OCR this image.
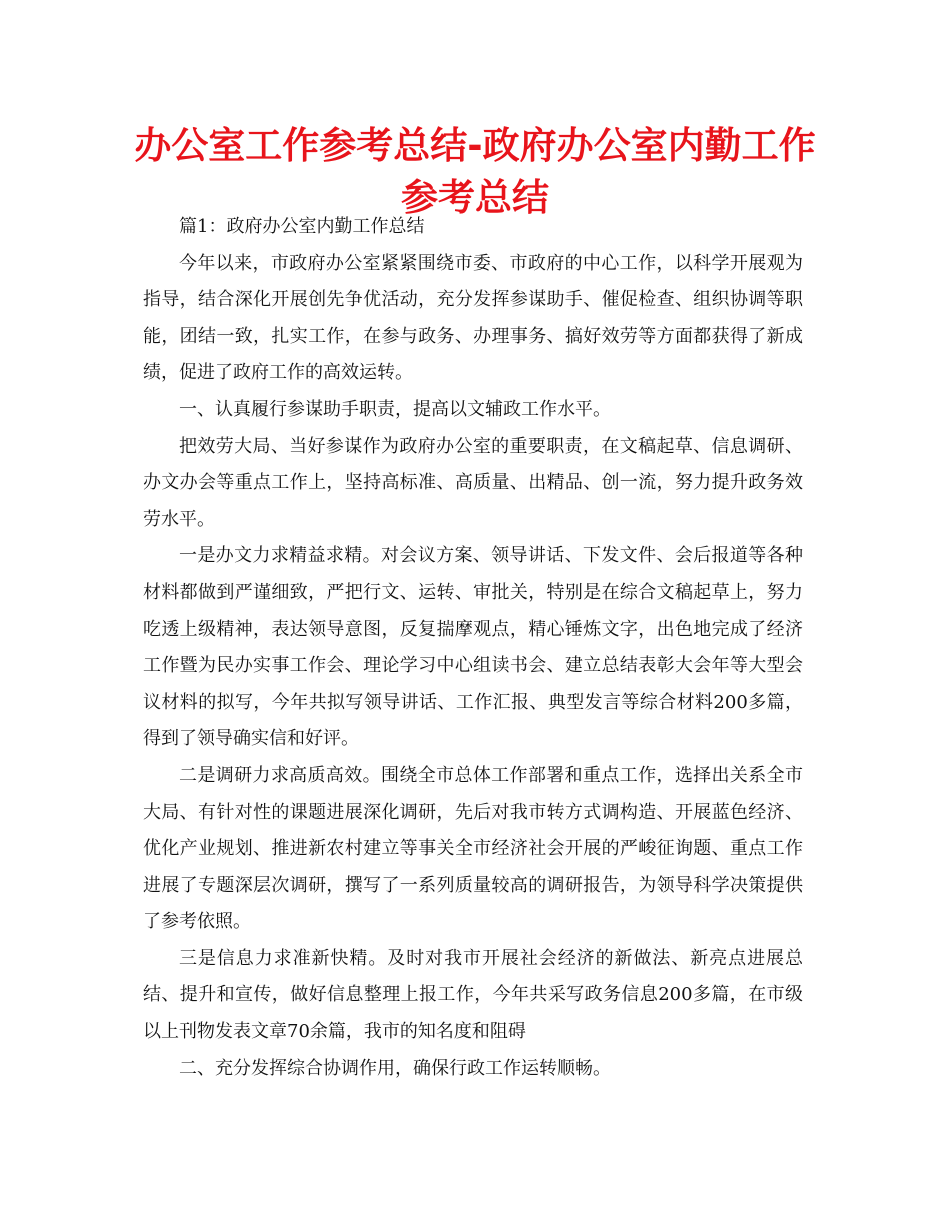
办公室工作参考总结-政府办公室内勤工作参考总结

篇1：政府办公室内勤工作总结

今年以来，市政府办公室紧紧围绕市委、市政府的中心工作，以科学开展观为指导，结合深化开展创先争优活动，充分发挥参谋助手、催促检查、组织协调等职能，团结一致，扎实工作，在参与政务、办理事务、搞好效劳等方面都获得了新成绩，促进了政府工作的高效运转。

一、认真履行参谋助手职责，提高以文辅政工作水平。

把效劳大局、当好参谋作为政府办公室的重要职责，在文稿起草、信息调研、办文办会等重点工作上，坚持高标准、高质量、出精品、创一流，努力提升政务效劳水平。

一是办文力求精益求精。对会议方案、领导讲话、下发文件、会后报道等各种材料都做到严谨细致，严把行文、运转、审批关，特别是在综合文稿起草上，努力吃透上级精神，表达领导意图，反复揣摩观点，精心锤炼文字，出色地完成了经济工作暨为民办实事工作会、理论学习中心组读书会、建立总结表彰大会年等大型会议材料的拟写，今年共拟写领导讲话、工作汇报、典型发言等综合材料200多篇，得到了领导确实信和好评。

二是调研力求高质高效。围绕全市总体工作部署和重点工作，选择出关系全市大局、有针对性的课题进展深化调研，先后对我市转方式调构造、开展蓝色经济、优化产业规划、推进新农村建立等事关全市经济社会开展的严峻征询题、重点工作进展了专题深层次调研，撰写了一系列质量较高的调研报告，为领导科学决策提供了参考依照。

三是信息力求准新快精。及时对我市开展社会经济的新做法、新亮点进展总结、提升和宣传，做好信息整理上报工作，今年共采写政务信息200多篇，在市级以上刊物发表文章70余篇，我市的知名度和阻碍

二、充分发挥综合协调作用，确保行政工作运转顺畅。
